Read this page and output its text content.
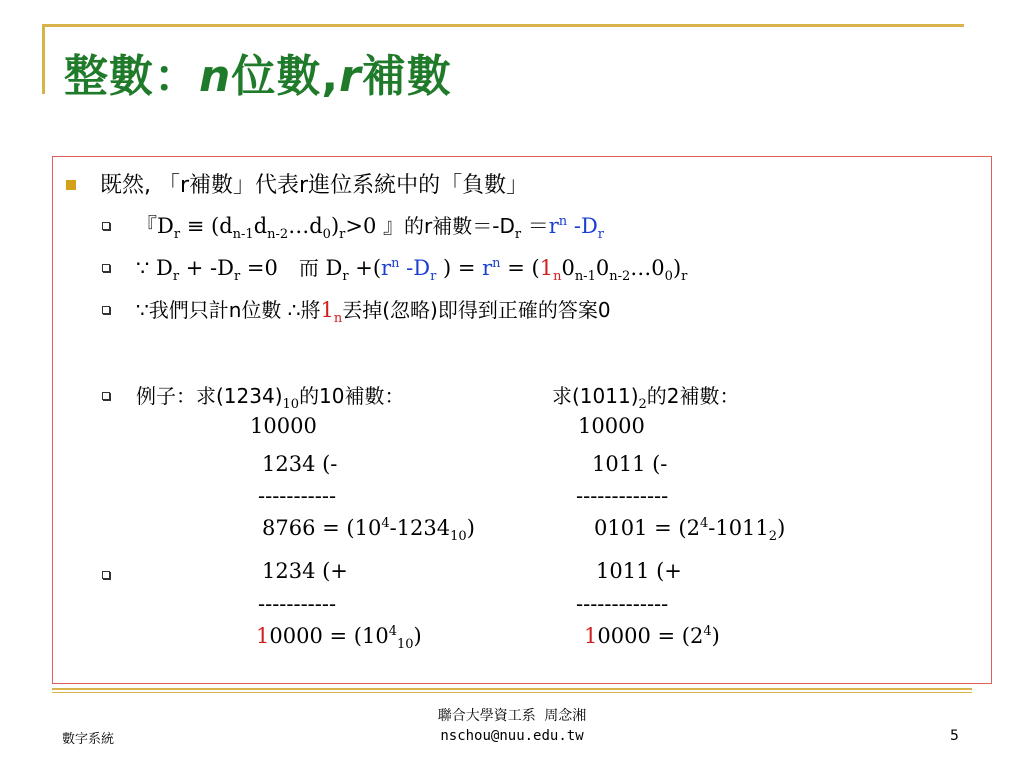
整數：n位數,r補數
既然, 「r補數」代表r進位系統中的「負數」
『$D_r$ ≡ $(d_{n-1}d_{n-2}\dots d_0)_r>0$ 』的r補數$=-D_r =r^n$ $-D_r$
∵ $D_r + -D_r =0$　而 $D_r +(r^n$ $-D_r$ ) = $r^n$ = $(1_n0_{n-1}0_{n-2}\dots 0_0)_r$
∵我們只計n位數 ∴將$1_n$丟掉(忽略)即得到正確的答案0
例子：求$(1234)_{10}$的10補數：	求$(1011)_2$的2補數：
10000
1234 (-
-----------
$8766 = (10^4-1234_{10})$
1234 (+
-----------
$10000 = (10^4_{10})$
10000
1011 (-
-------------
$0101 = (2^4-1011_2)$
1011 (+
-------------
$10000 = (2^4)$
數字系統
聯合大學資工系 周念湘
nschou@nuu.edu.tw	5
